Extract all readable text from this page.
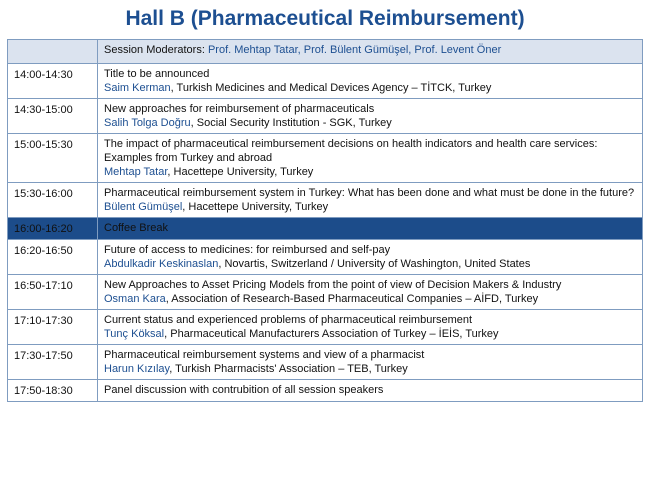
Hall B (Pharmaceutical Reimbursement)
	Session Moderators: Prof. Mehtap Tatar, Prof. Bülent Gümüşel, Prof. Levent Öner
14:00-14:30	Title to be announced
Saim Kerman, Turkish Medicines and Medical Devices Agency – TİTCK, Turkey
14:30-15:00	New approaches for reimbursement of pharmaceuticals
Salih Tolga Doğru, Social Security Institution - SGK, Turkey
15:00-15:30	The impact of pharmaceutical reimbursement decisions on health indicators and health care services: Examples from Turkey and abroad
Mehtap Tatar, Hacettepe University, Turkey
15:30-16:00	Pharmaceutical reimbursement system in Turkey: What has been done and what must be done in the future?
Bülent Gümüşel, Hacettepe University, Turkey
16:00-16:20	Coffee Break
16:20-16:50	Future of access to medicines: for reimbursed and self-pay
Abdulkadir Keskinaslan, Novartis, Switzerland / University of Washington, United States
16:50-17:10	New Approaches to Asset Pricing Models from the point of view of Decision Makers & Industry
Osman Kara, Association of Research-Based Pharmaceutical Companies – AİFD, Turkey
17:10-17:30	Current status and experienced problems of pharmaceutical reimbursement
Tunç Köksal, Pharmaceutical Manufacturers Association of Turkey – İEİS, Turkey
17:30-17:50	Pharmaceutical reimbursement systems and view of a pharmacist
Harun Kızılay, Turkish Pharmacists' Association – TEB, Turkey
17:50-18:30	Panel discussion with contrubition of all session speakers
